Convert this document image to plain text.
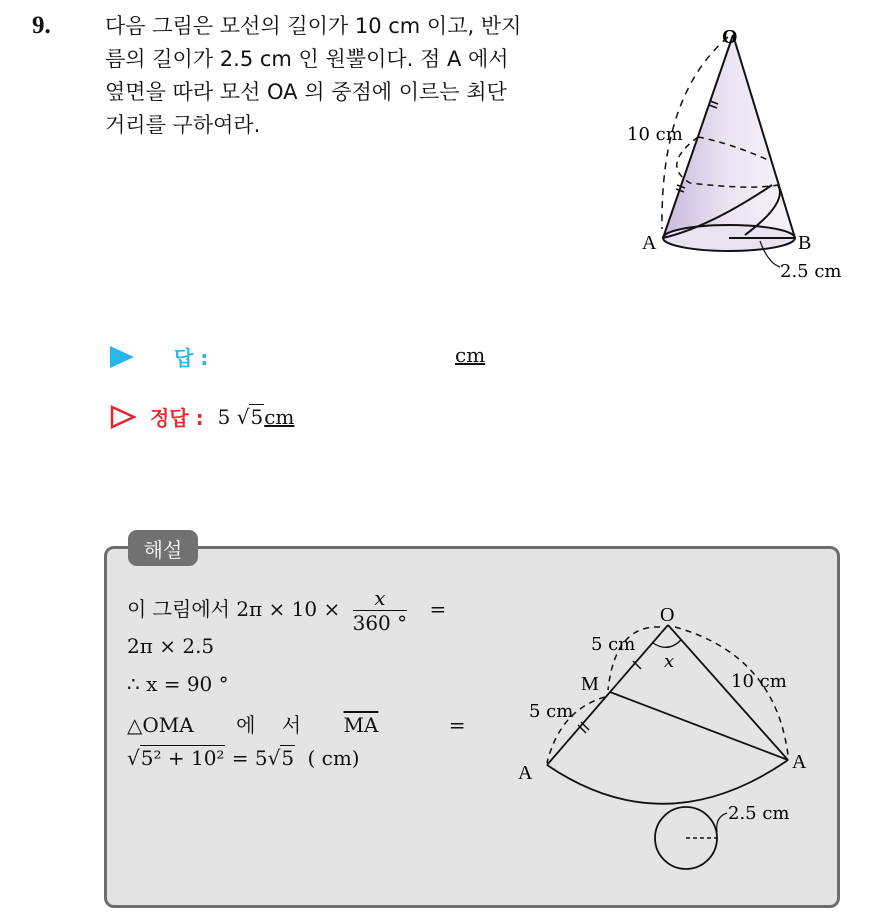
9.	다음 그림은 모선의 길이가 10 cm 이고, 반지
름의 길이가 2.5 cm 인 원뿔이다. 점 A 에서
옆면을 따라 모선 OA 의 중점에 이르는 최단
거리를 구하여라.
O
A	B
10 cm
2.5 cm
답 :	cm
정답 : 5 √5cm
해설
이 그림에서 $2\pi \times 10 \times \frac{x}{360 ^\circ}$ =
2π × 2.5
∴ x = 90 °
△OMA 에 서 $\overline{MA}$	=
√5² + 10² = 5√5 ( cm)
O
M
A	A
5 cm
5 cm
10 cm
x
2.5 cm
